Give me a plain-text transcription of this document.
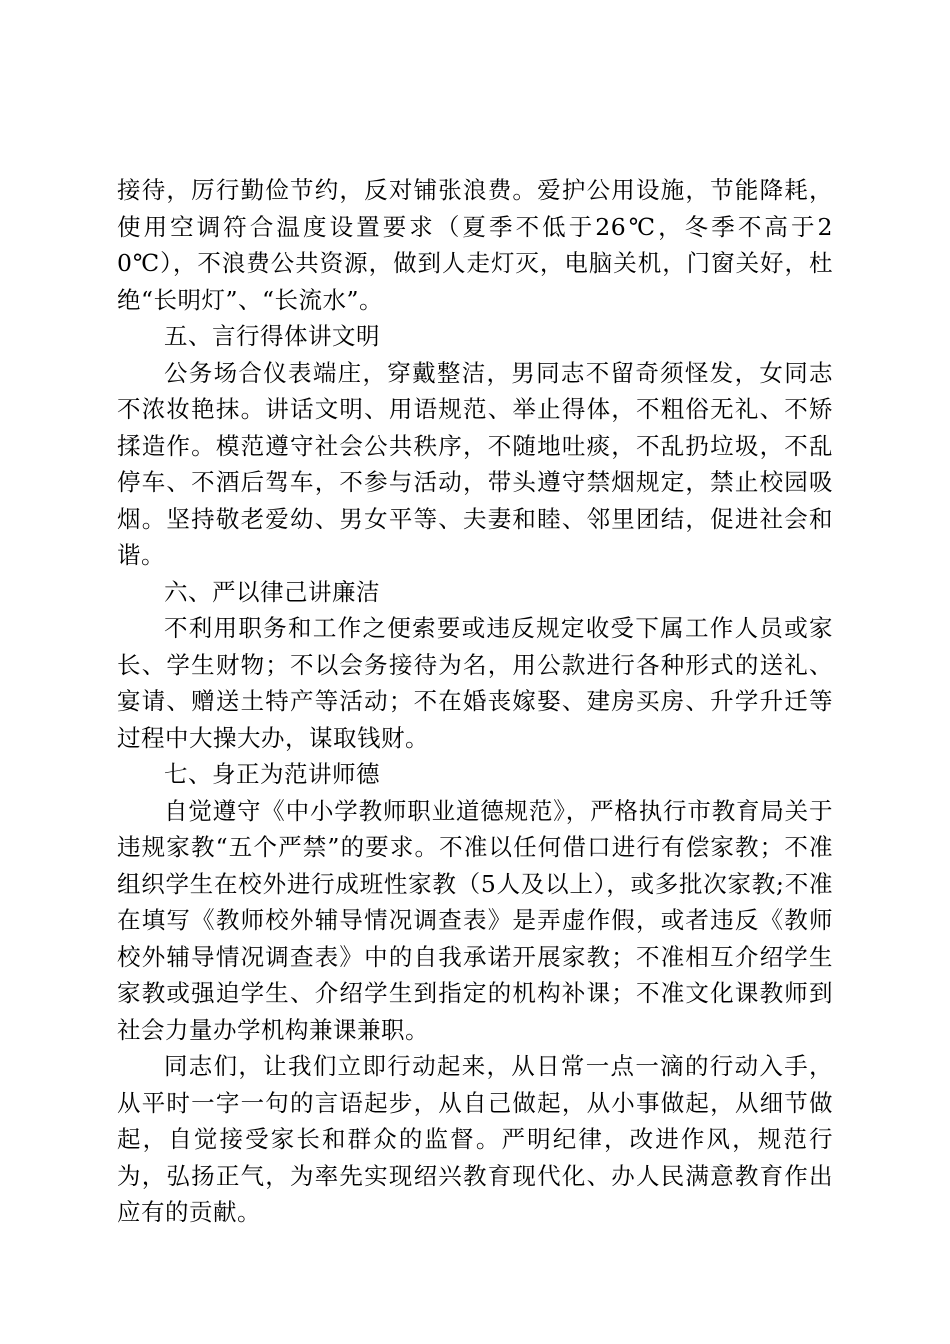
接待，厉行勤俭节约，反对铺张浪费。爱护公用设施，节能降耗，使用空调符合温度设置要求（夏季不低于26℃，冬季不高于20℃），不浪费公共资源，做到人走灯灭，电脑关机，门窗关好，杜绝“长明灯”、“长流水”。

五、言行得体讲文明

公务场合仪表端庄，穿戴整洁，男同志不留奇须怪发，女同志不浓妆艳抹。讲话文明、用语规范、举止得体，不粗俗无礼、不矫揉造作。模范遵守社会公共秩序，不随地吐痰，不乱扔垃圾，不乱停车、不酒后驾车，不参与活动，带头遵守禁烟规定，禁止校园吸烟。坚持敬老爱幼、男女平等、夫妻和睦、邻里团结，促进社会和谐。

六、严以律己讲廉洁

不利用职务和工作之便索要或违反规定收受下属工作人员或家长、学生财物；不以会务接待为名，用公款进行各种形式的送礼、宴请、赠送土特产等活动；不在婚丧嫁娶、建房买房、升学升迁等过程中大操大办，谋取钱财。

七、身正为范讲师德

自觉遵守《中小学教师职业道德规范》，严格执行市教育局关于违规家教“五个严禁”的要求。不准以任何借口进行有偿家教；不准组织学生在校外进行成班性家教（5人及以上），或多批次家教;不准在填写《教师校外辅导情况调查表》是弄虚作假，或者违反《教师校外辅导情况调查表》中的自我承诺开展家教；不准相互介绍学生家教或强迫学生、介绍学生到指定的机构补课；不准文化课教师到社会力量办学机构兼课兼职。

同志们，让我们立即行动起来，从日常一点一滴的行动入手，从平时一字一句的言语起步，从自己做起，从小事做起，从细节做起，自觉接受家长和群众的监督。严明纪律，改进作风，规范行为，弘扬正气，为率先实现绍兴教育现代化、办人民满意教育作出应有的贡献。
